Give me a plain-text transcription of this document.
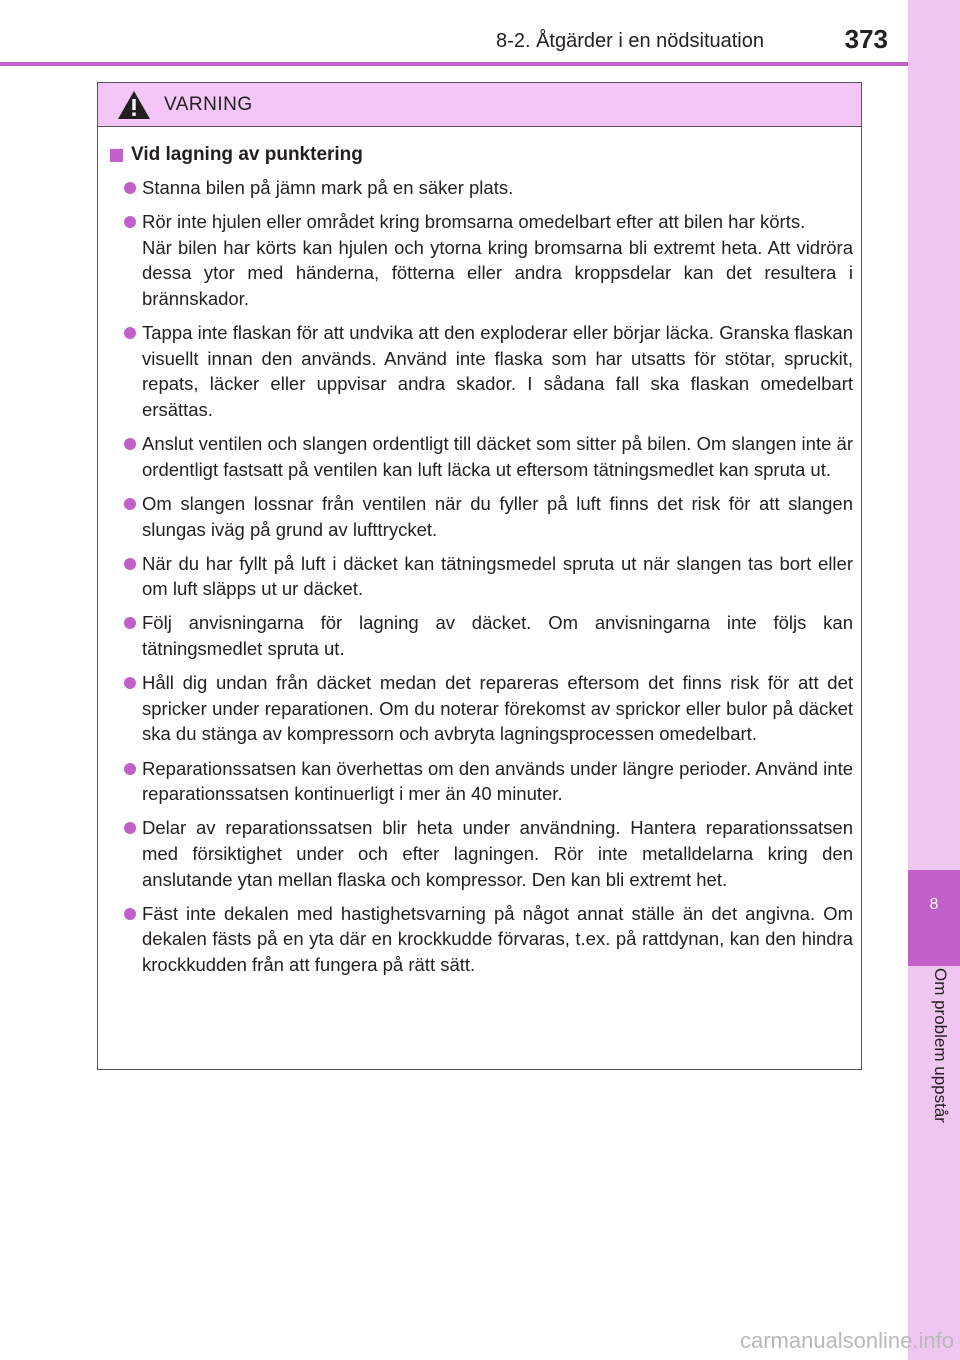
8-2. Åtgärder i en nödsituation	373
8
Om problem uppstår
VARNING
Vid lagning av punktering
Stanna bilen på jämn mark på en säker plats.
Rör inte hjulen eller området kring bromsarna omedelbart efter att bilen har körts.
När bilen har körts kan hjulen och ytorna kring bromsarna bli extremt heta. Att vidröra dessa ytor med händerna, fötterna eller andra kroppsdelar kan det resultera i brännskador.
Tappa inte flaskan för att undvika att den exploderar eller börjar läcka. Granska flaskan visuellt innan den används. Använd inte flaska som har utsatts för stötar, spruckit, repats, läcker eller uppvisar andra skador. I sådana fall ska flaskan omedelbart ersättas.
Anslut ventilen och slangen ordentligt till däcket som sitter på bilen. Om slangen inte är ordentligt fastsatt på ventilen kan luft läcka ut eftersom tätningsmedlet kan spruta ut.
Om slangen lossnar från ventilen när du fyller på luft finns det risk för att slangen slungas iväg på grund av lufttrycket.
När du har fyllt på luft i däcket kan tätningsmedel spruta ut när slangen tas bort eller om luft släpps ut ur däcket.
Följ anvisningarna för lagning av däcket. Om anvisningarna inte följs kan tätningsmedlet spruta ut.
Håll dig undan från däcket medan det repareras eftersom det finns risk för att det spricker under reparationen. Om du noterar förekomst av sprickor eller bulor på däcket ska du stänga av kompressorn och avbryta lagningsprocessen omedelbart.
Reparationssatsen kan överhettas om den används under längre perioder. Använd inte reparationssatsen kontinuerligt i mer än 40 minuter.
Delar av reparationssatsen blir heta under användning. Hantera reparationssatsen med försiktighet under och efter lagningen. Rör inte metalldelarna kring den anslutande ytan mellan flaska och kompressor. Den kan bli extremt het.
Fäst inte dekalen med hastighetsvarning på något annat ställe än det angivna. Om dekalen fästs på en yta där en krockkudde förvaras, t.ex. på rattdynan, kan den hindra krockkudden från att fungera på rätt sätt.
carmanualsonline.info
